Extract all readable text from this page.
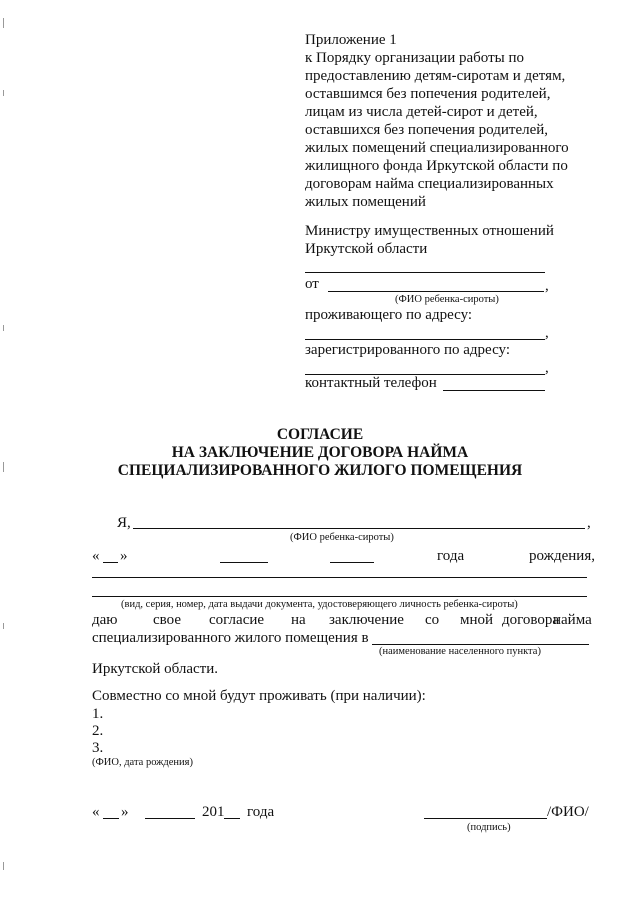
Приложение 1
к Порядку организации работы по
предоставлению детям-сиротам и детям,
оставшимся без попечения родителей,
лицам из числа детей-сирот и детей,
оставшихся без попечения родителей,
жилых помещений специализированного
жилищного фонда Иркутской области по
договорам найма специализированных
жилых помещений
Министру имущественных отношений
Иркутской области
от	,
(ФИО ребенка-сироты)
проживающего по адресу:
,
зарегистрированного по адресу:
,
контактный телефон
СОГЛАСИЕ
НА ЗАКЛЮЧЕНИЕ ДОГОВОРА НАЙМА
СПЕЦИАЛИЗИРОВАННОГО ЖИЛОГО ПОМЕЩЕНИЯ
Я,	,
(ФИО ребенка-сироты)
« »	года	рождения,
(вид, серия, номер, дата выдачи документа, удостоверяющего личность ребенка-сироты)
даю свое согласие на заключение со мной договора
найма
специализированного жилого помещения в
(наименование населенного пункта)
Иркутской области.
Совместно со мной будут проживать (при наличии):
1.
2.
3.
(ФИО, дата рождения)
« »	201 года	/ФИО/
(подпись)
